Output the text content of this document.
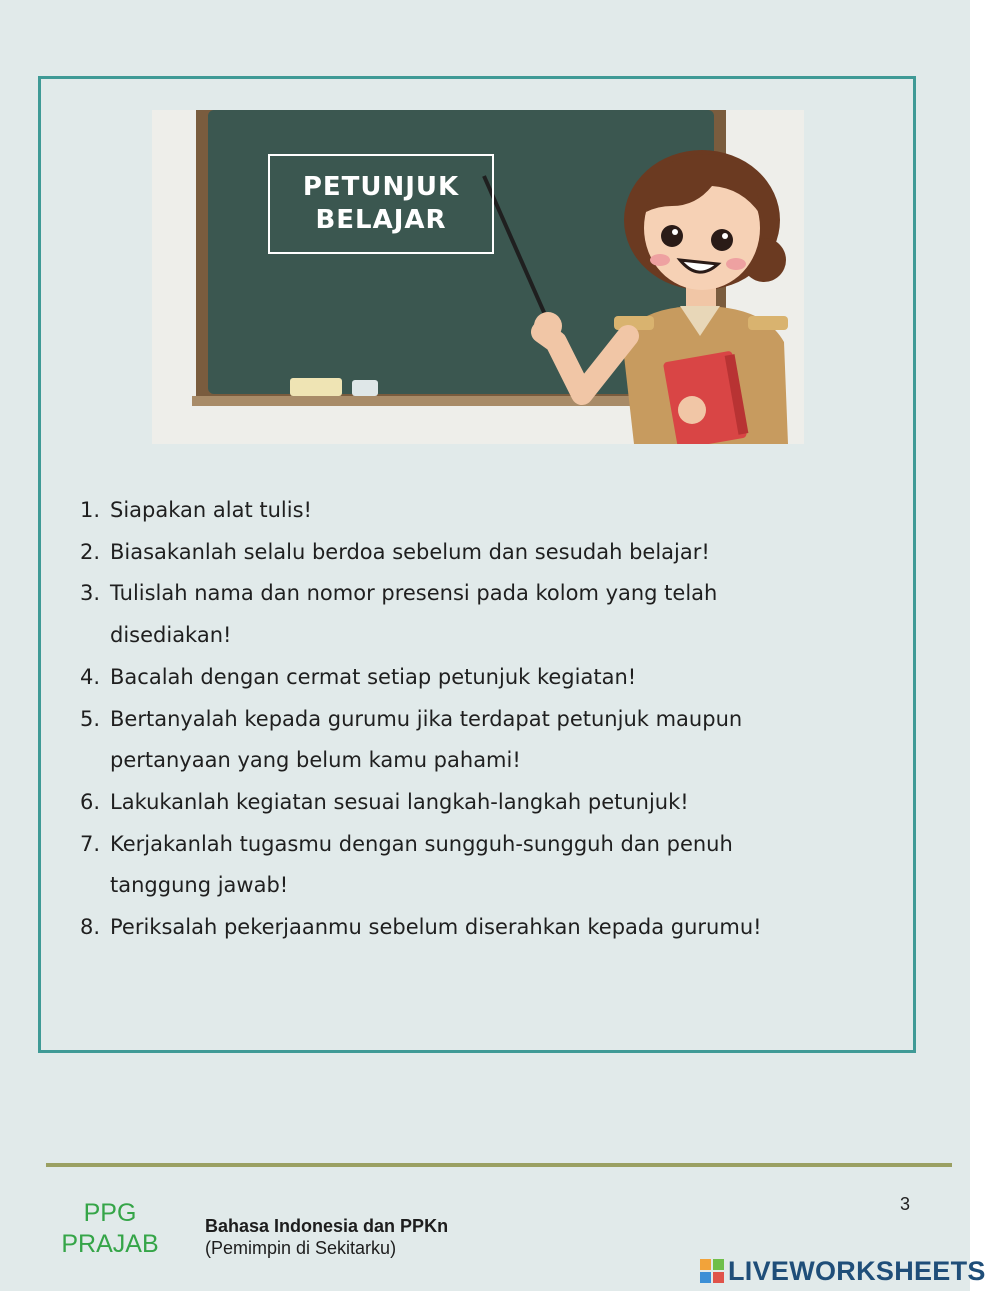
PETUNJUK
BELAJAR
1. Siapakan alat tulis!
2. Biasakanlah selalu berdoa sebelum dan sesudah belajar!
3. Tulislah nama dan nomor presensi pada kolom yang telah disediakan!
4. Bacalah dengan cermat setiap petunjuk kegiatan!
5. Bertanyalah kepada gurumu jika terdapat petunjuk maupun pertanyaan yang belum kamu pahami!
6. Lakukanlah kegiatan sesuai langkah-langkah petunjuk!
7. Kerjakanlah tugasmu dengan sungguh-sungguh dan penuh tanggung jawab!
8. Periksalah pekerjaanmu sebelum diserahkan kepada gurumu!
PPG
PRAJAB
Bahasa Indonesia dan PPKn
(Pemimpin di Sekitarku)
3
LIVEWORKSHEETS
